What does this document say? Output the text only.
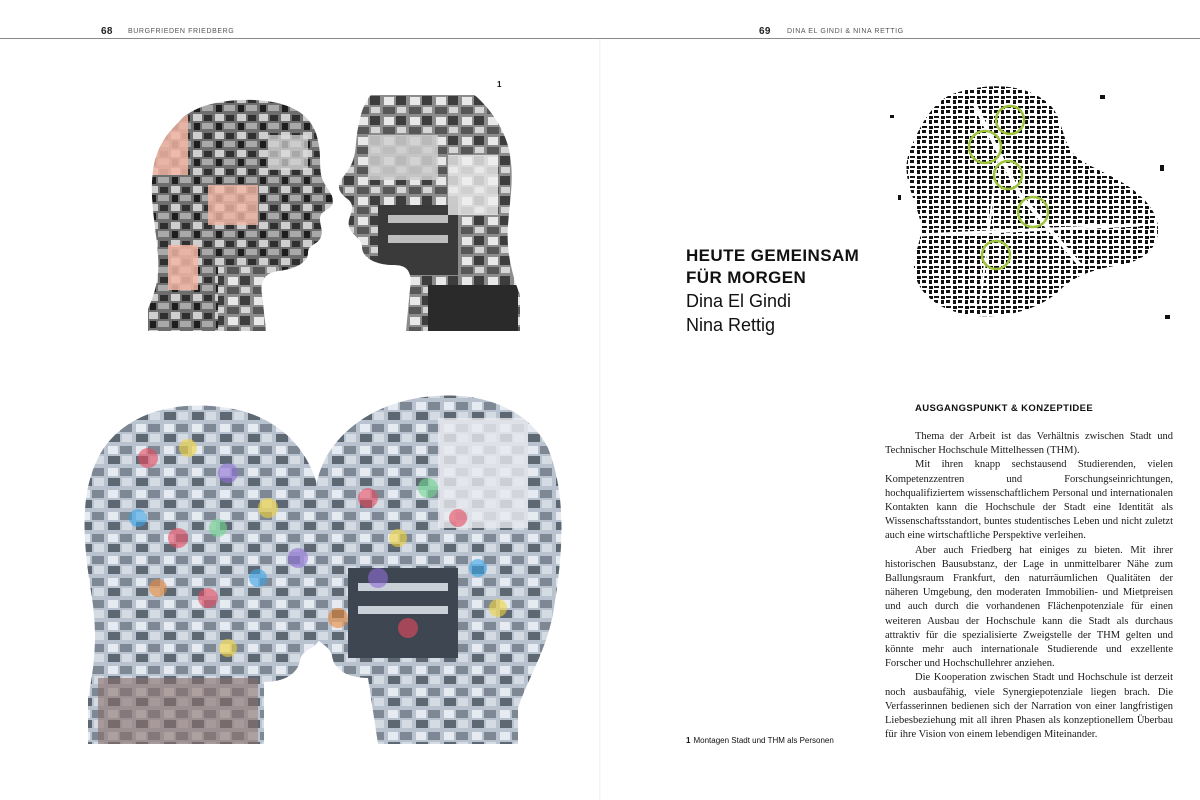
68 BURGFRIEDEN FRIEDBERG	69 DINA EL GINDI & NINA RETTIG
1
HEUTE GEMEINSAM
FÜR MORGEN
Dina El Gindi
Nina Rettig
1 Montagen Stadt und THM als Personen
AUSGANGSPUNKT & KONZEPTIDEE

Thema der Arbeit ist das Verhältnis zwischen Stadt und Technischer Hochschule Mittelhessen (THM).

Mit ihren knapp sechstausend Studierenden, vielen Kompetenzzentren und Forschungseinrichtungen, hochqualifiziertem wissenschaftlichem Personal und internationalen Kontakten kann die Hochschule der Stadt eine Identität als Wissenschaftsstandort, buntes studentisches Leben und nicht zuletzt auch eine wirtschaftliche Perspektive verleihen.

Aber auch Friedberg hat einiges zu bieten. Mit ihrer historischen Bausubstanz, der Lage in unmittelbarer Nähe zum Ballungsraum Frankfurt, den naturräumlichen Qualitäten der näheren Umgebung, den moderaten Immobilien- und Mietpreisen und auch durch die vorhandenen Flächenpotenziale für einen weiteren Ausbau der Hochschule kann die Stadt als durchaus attraktiv für die spezialisierte Zweigstelle der THM gelten und könnte mehr auch internationale Studierende und exzellente Forscher und Hochschullehrer anziehen.

Die Kooperation zwischen Stadt und Hochschule ist derzeit noch ausbaufähig, viele Synergiepotenziale liegen brach. Die Verfasserinnen bedienen sich der Narration von einer langfristigen Liebesbeziehung mit all ihren Phasen als konzeptionellem Überbau für ihre Vision von einem lebendigen Miteinander.
